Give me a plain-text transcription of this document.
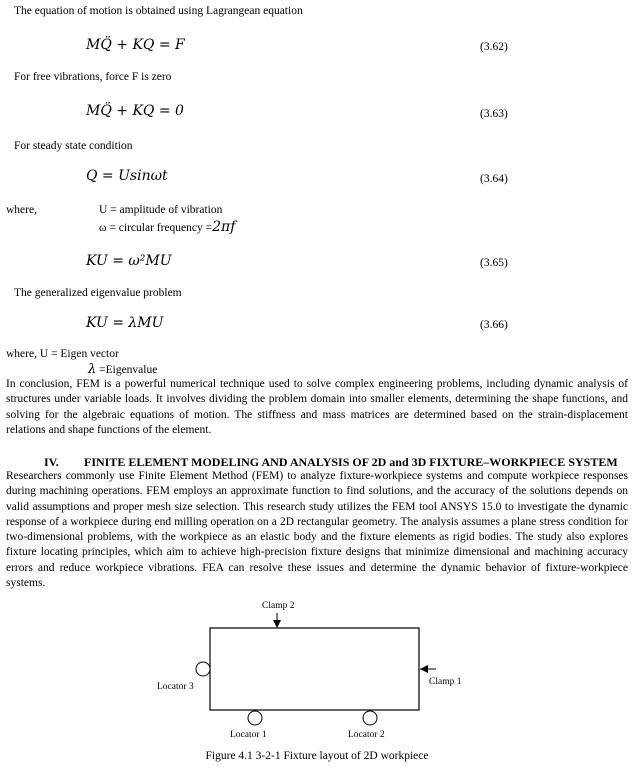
The equation of motion is obtained using Lagrangean equation
MQ̈ + KQ = F	(3.62)
For free vibrations, force F is zero
MQ̈ + KQ = 0	(3.63)
For steady state condition
Q = Usinωt	(3.64)
where,	U = amplitude of vibration
ω = circular frequency =2πf
KU = ω²MU	(3.65)
The generalized eigenvalue problem
KU = λMU	(3.66)
where, U = Eigen vector
λ =Eigenvalue
In conclusion, FEM is a powerful numerical technique used to solve complex engineering problems, including dynamic analysis of structures under variable loads. It involves dividing the problem domain into smaller elements, determining the shape functions, and solving for the algebraic equations of motion. The stiffness and mass matrices are determined based on the strain-displacement relations and shape functions of the element.
IV. FINITE ELEMENT MODELING AND ANALYSIS OF 2D and 3D FIXTURE–WORKPIECE SYSTEM
Researchers commonly use Finite Element Method (FEM) to analyze fixture-workpiece systems and compute workpiece responses during machining operations. FEM employs an approximate function to find solutions, and the accuracy of the solutions depends on valid assumptions and proper mesh size selection. This research study utilizes the FEM tool ANSYS 15.0 to investigate the dynamic response of a workpiece during end milling operation on a 2D rectangular geometry. The analysis assumes a plane stress condition for two-dimensional problems, with the workpiece as an elastic body and the fixture elements as rigid bodies. The study also explores fixture locating principles, which aim to achieve high-precision fixture designs that minimize dimensional and machining accuracy errors and reduce workpiece vibrations. FEA can resolve these issues and determine the dynamic behavior of fixture-workpiece systems.
Clamp 2
Clamp 1
Locator 3
Locator 1	Locator 2
Figure 4.1 3-2-1 Fixture layout of 2D workpiece
